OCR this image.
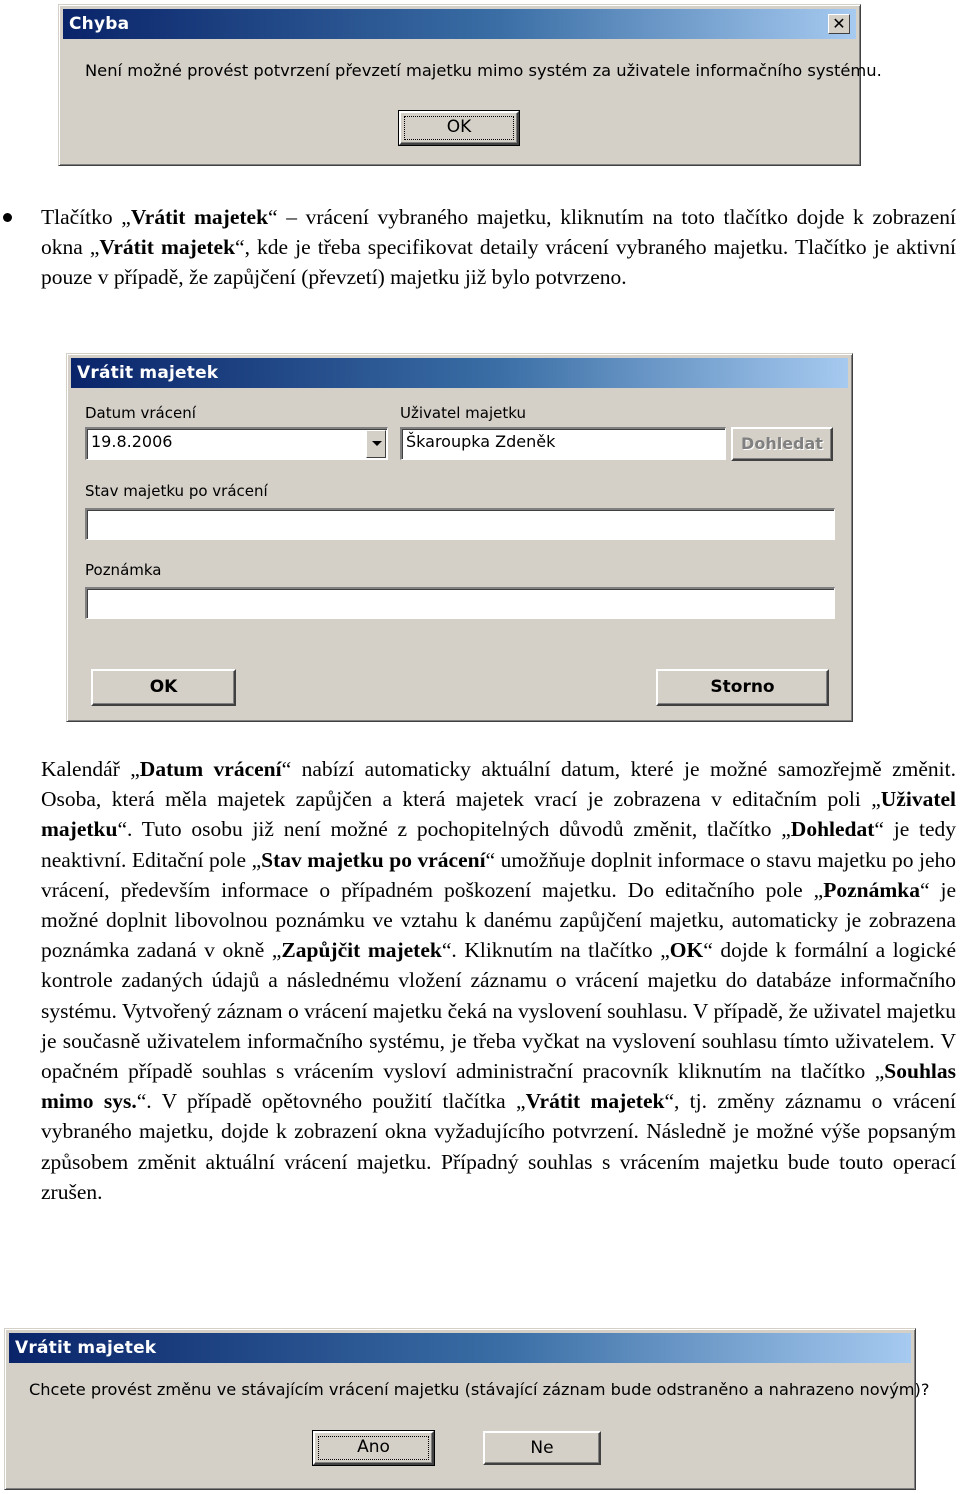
Chyba	✕
Není možné provést potvrzení převzetí majetku mimo systém za uživatele informačního systému.
OK
Tlačítko „Vrátit majetek“ – vrácení vybraného majetku, kliknutím na toto tlačítko dojde k zobrazení okna „Vrátit majetek“, kde je třeba specifikovat detaily vrácení vybraného majetku. Tlačítko je aktivní pouze v případě, že zapůjčení (převzetí) majetku již bylo potvrzeno.
Vrátit majetek
Datum vrácení
19.8.2006
Uživatel majetku
Škaroupka Zdeněk	Dohledat
Stav majetku po vrácení
Poznámka
OK	Storno
Kalendář „Datum vrácení“ nabízí automaticky aktuální datum, které je možné samozřejmě změnit. Osoba, která měla majetek zapůjčen a která majetek vrací je zobrazena v editačním poli „Uživatel majetku“. Tuto osobu již není možné z pochopitelných důvodů změnit, tlačítko „Dohledat“ je tedy neaktivní. Editační pole „Stav majetku po vrácení“ umožňuje doplnit informace o stavu majetku po jeho vrácení, především informace o případném poškození majetku. Do editačního pole „Poznámka“ je možné doplnit libovolnou poznámku ve vztahu k danému zapůjčení majetku, automaticky je zobrazena poznámka zadaná v okně „Zapůjčit majetek“. Kliknutím na tlačítko „OK“ dojde k formální a logické kontrole zadaných údajů a následnému vložení záznamu o vrácení majetku do databáze informačního systému. Vytvořený záznam o vrácení majetku čeká na vyslovení souhlasu. V případě, že uživatel majetku je současně uživatelem informačního systému, je třeba vyčkat na vyslovení souhlasu tímto uživatelem. V opačném případě souhlas s vrácením vysloví administrační pracovník kliknutím na tlačítko „Souhlas mimo sys.“. V případě opětovného použití tlačítka „Vrátit majetek“, tj. změny záznamu o vrácení vybraného majetku, dojde k zobrazení okna vyžadujícího potvrzení. Následně je možné výše popsaným způsobem změnit aktuální vrácení majetku. Případný souhlas s vrácením majetku bude touto operací zrušen.
Vrátit majetek
Chcete provést změnu ve stávajícím vrácení majetku (stávající záznam bude odstraněno a nahrazeno novým)?
Ano	Ne
